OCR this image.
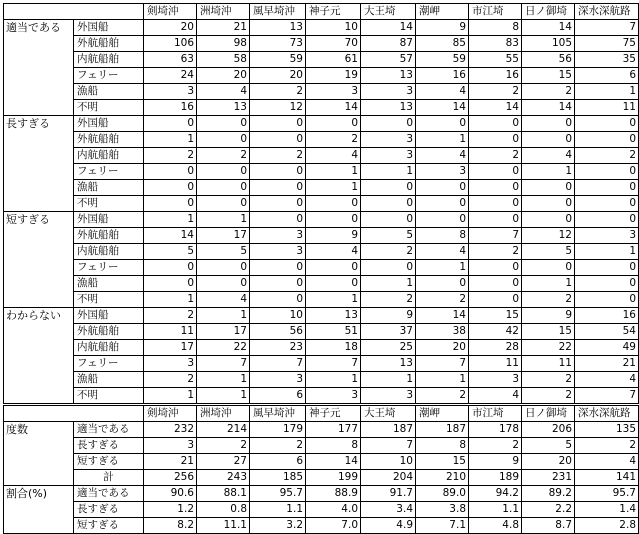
		剣埼沖	洲埼沖	風早埼沖	神子元	大王埼	潮岬	市江埼	日ノ御埼	深水深航路
適当である	外国船	20	21	13	10	14	9	8	14	7
	外航船舶	106	98	73	70	87	85	83	105	75
	内航船舶	63	58	59	61	57	59	55	56	35
	フェリー	24	20	20	19	13	16	16	15	6
	漁船	3	4	2	3	3	4	2	2	1
	不明	16	13	12	14	13	14	14	14	11
長すぎる	外国船	0	0	0	0	0	0	0	0	0
	外航船舶	1	0	0	2	3	1	0	0	0
	内航船舶	2	2	2	4	3	4	2	4	2
	フェリー	0	0	0	1	1	3	0	1	0
	漁船	0	0	0	1	0	0	0	0	0
	不明	0	0	0	0	0	0	0	0	0
短すぎる	外国船	1	1	0	0	0	0	0	0	0
	外航船舶	14	17	3	9	5	8	7	12	3
	内航船舶	5	5	3	4	2	4	2	5	1
	フェリー	0	0	0	0	0	1	0	0	0
	漁船	0	0	0	0	1	0	0	1	0
	不明	1	4	0	1	2	2	0	2	0
わからない	外国船	2	1	10	13	9	14	15	9	16
	外航船舶	11	17	56	51	37	38	42	15	54
	内航船舶	17	22	23	18	25	20	28	22	49
	フェリー	3	7	7	7	13	7	11	11	21
	漁船	2	1	3	1	1	1	3	2	4
	不明	1	1	6	3	3	2	4	2	7
		剣埼沖	洲埼沖	風早埼沖	神子元	大王埼	潮岬	市江埼	日ノ御埼	深水深航路
度数	適当である	232	214	179	177	187	187	178	206	135
	長すぎる	3	2	2	8	7	8	2	5	2
	短すぎる	21	27	6	14	10	15	9	20	4
	計	256	243	185	199	204	210	189	231	141
割合(%)	適当である	90.6	88.1	95.7	88.9	91.7	89.0	94.2	89.2	95.7
	長すぎる	1.2	0.8	1.1	4.0	3.4	3.8	1.1	2.2	1.4
	短すぎる	8.2	11.1	3.2	7.0	4.9	7.1	4.8	8.7	2.8
